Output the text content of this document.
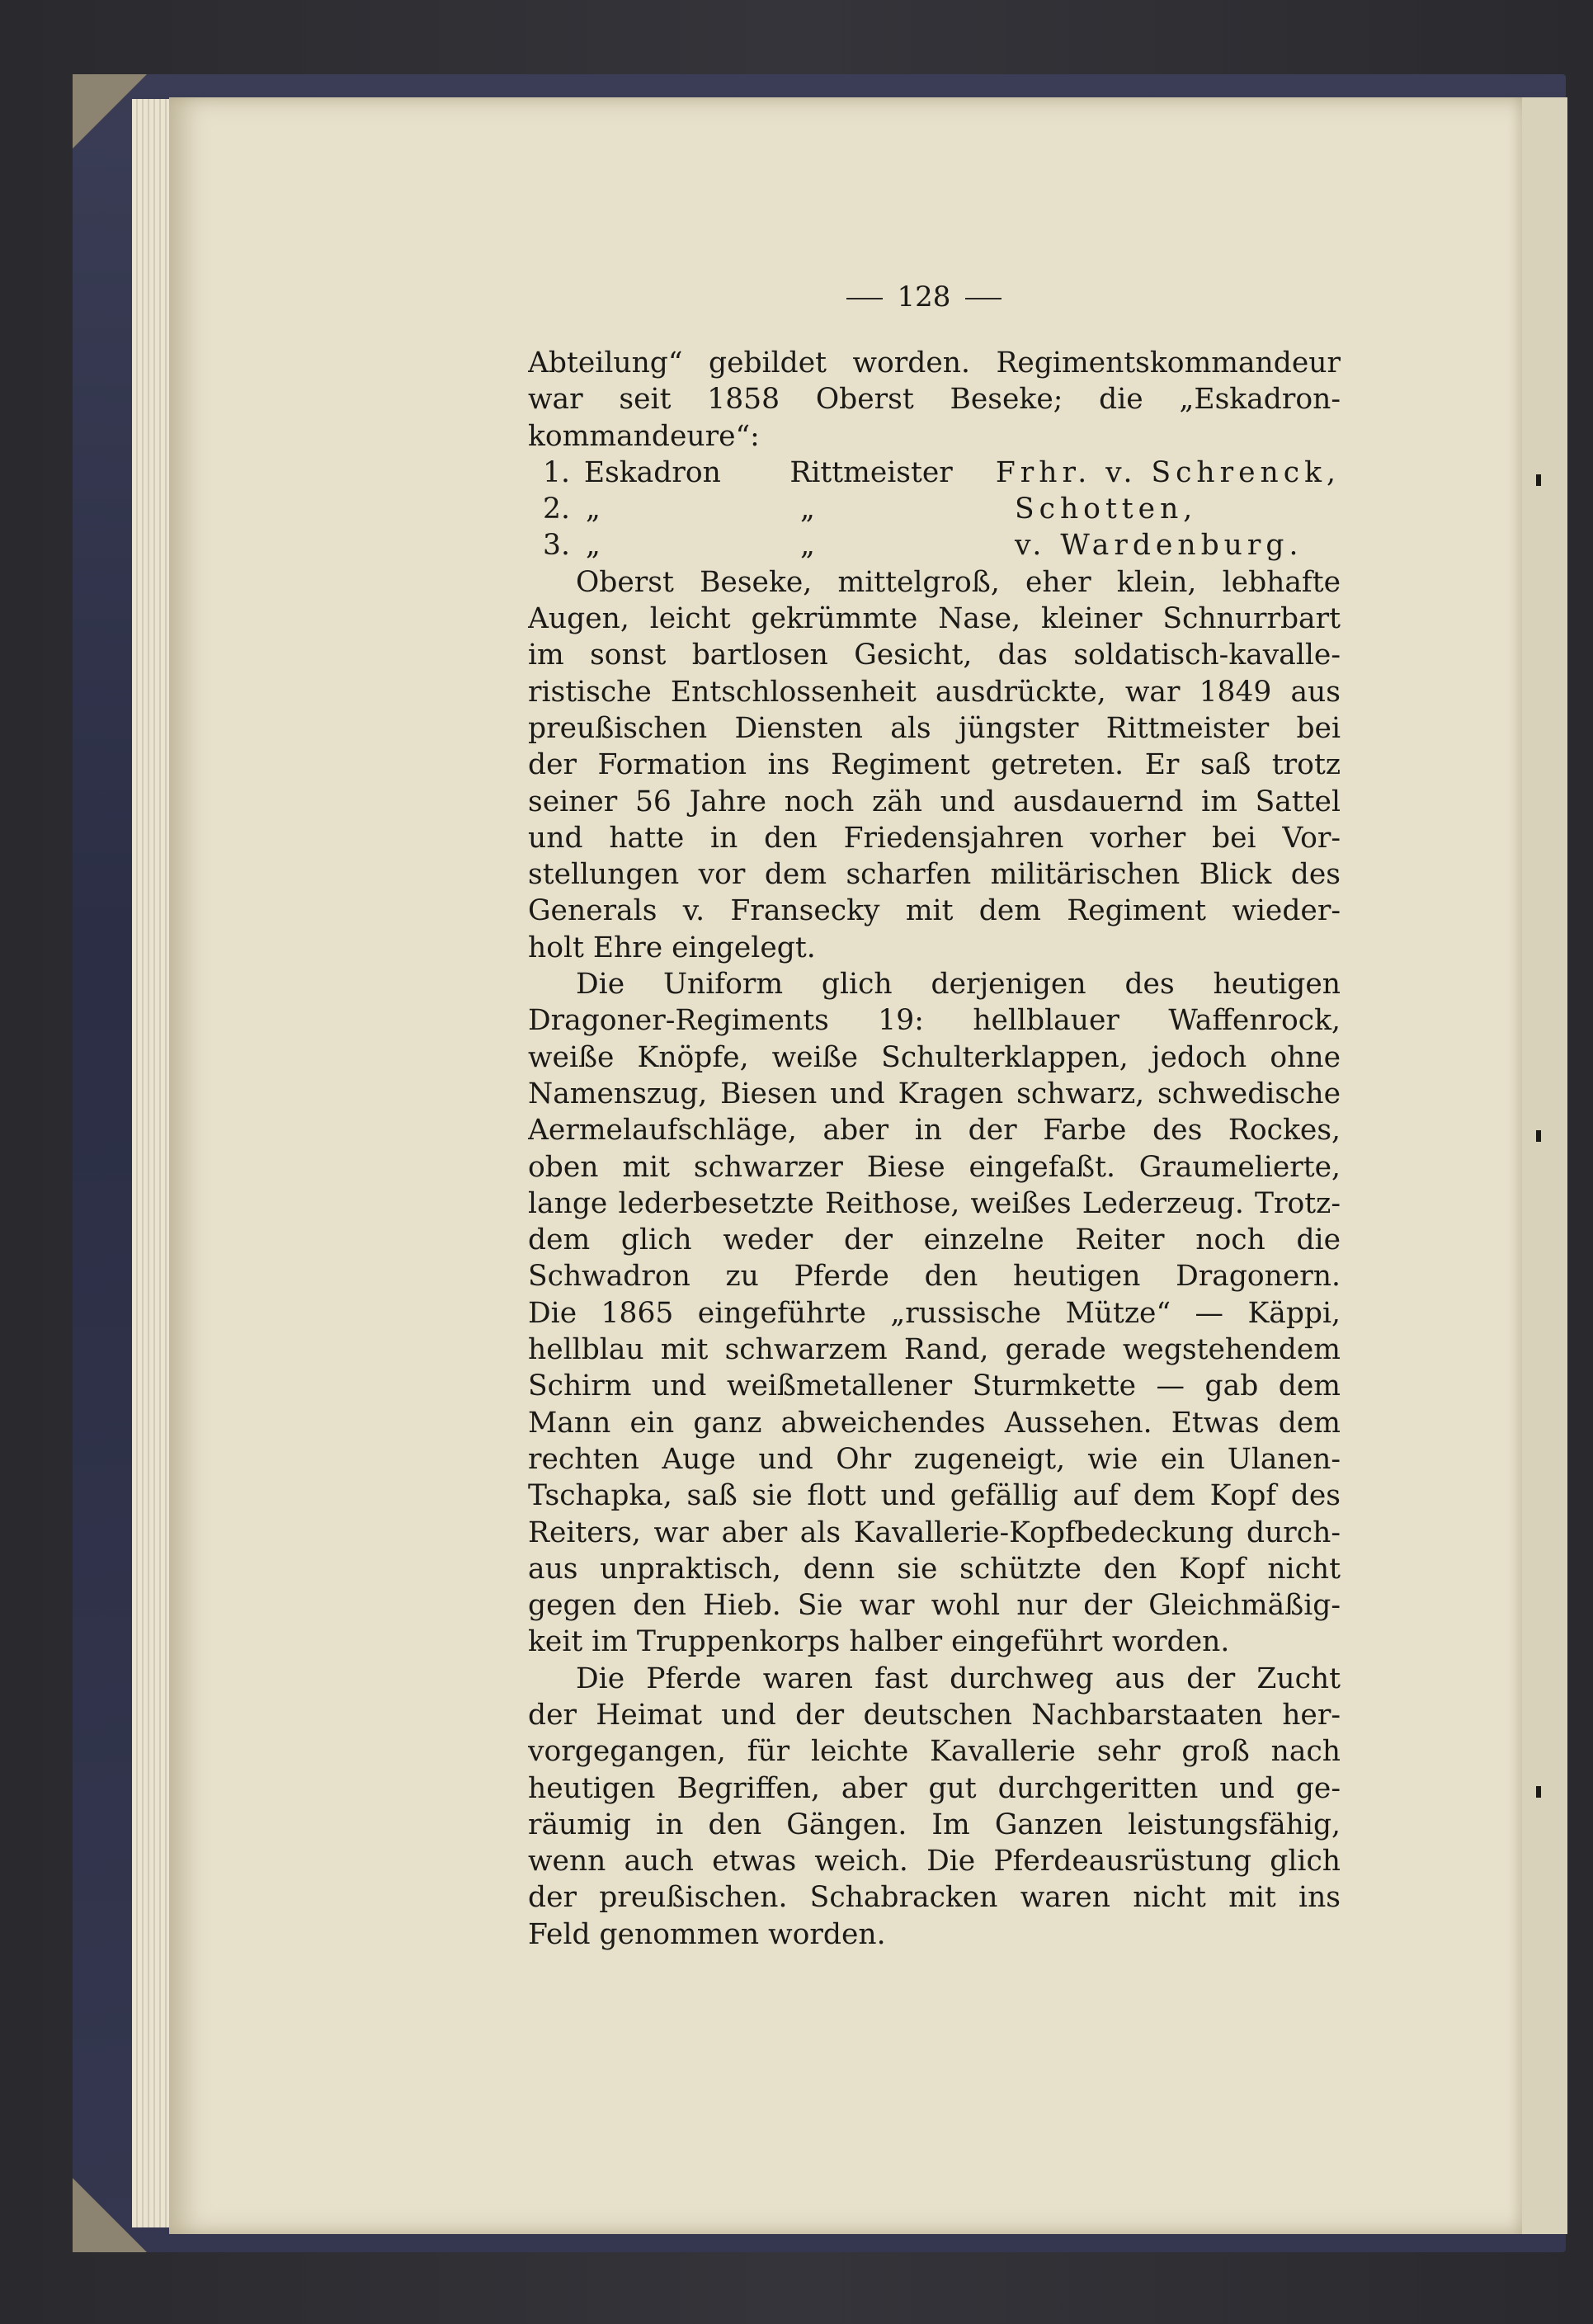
128
Abteilung“ gebildet worden. Regimentskommandeur
war seit 1858 Oberst Beseke; die „Eskadron-
kommandeure“:
1. Eskadron	Rittmeister	Frhr. v. Schrenck,
2. „	„	Schotten,
3. „	„	v. Wardenburg.
Oberst Beseke, mittelgroß, eher klein, lebhafte
Augen, leicht gekrümmte Nase, kleiner Schnurrbart
im sonst bartlosen Gesicht, das soldatisch-kavalle-
ristische Entschlossenheit ausdrückte, war 1849 aus
preußischen Diensten als jüngster Rittmeister bei
der Formation ins Regiment getreten. Er saß trotz
seiner 56 Jahre noch zäh und ausdauernd im Sattel
und hatte in den Friedensjahren vorher bei Vor-
stellungen vor dem scharfen militärischen Blick des
Generals v. Fransecky mit dem Regiment wieder-
holt Ehre eingelegt.
Die Uniform glich derjenigen des heutigen
Dragoner-Regiments 19: hellblauer Waffenrock,
weiße Knöpfe, weiße Schulterklappen, jedoch ohne
Namenszug, Biesen und Kragen schwarz, schwedische
Aermelaufschläge, aber in der Farbe des Rockes,
oben mit schwarzer Biese eingefaßt. Graumelierte,
lange lederbesetzte Reithose, weißes Lederzeug. Trotz-
dem glich weder der einzelne Reiter noch die
Schwadron zu Pferde den heutigen Dragonern.
Die 1865 eingeführte „russische Mütze“ — Käppi,
hellblau mit schwarzem Rand, gerade wegstehendem
Schirm und weißmetallener Sturmkette — gab dem
Mann ein ganz abweichendes Aussehen. Etwas dem
rechten Auge und Ohr zugeneigt, wie ein Ulanen-
Tschapka, saß sie flott und gefällig auf dem Kopf des
Reiters, war aber als Kavallerie-Kopfbedeckung durch-
aus unpraktisch, denn sie schützte den Kopf nicht
gegen den Hieb. Sie war wohl nur der Gleichmäßig-
keit im Truppenkorps halber eingeführt worden.
Die Pferde waren fast durchweg aus der Zucht
der Heimat und der deutschen Nachbarstaaten her-
vorgegangen, für leichte Kavallerie sehr groß nach
heutigen Begriffen, aber gut durchgeritten und ge-
räumig in den Gängen. Im Ganzen leistungsfähig,
wenn auch etwas weich. Die Pferdeausrüstung glich
der preußischen. Schabracken waren nicht mit ins
Feld genommen worden.
